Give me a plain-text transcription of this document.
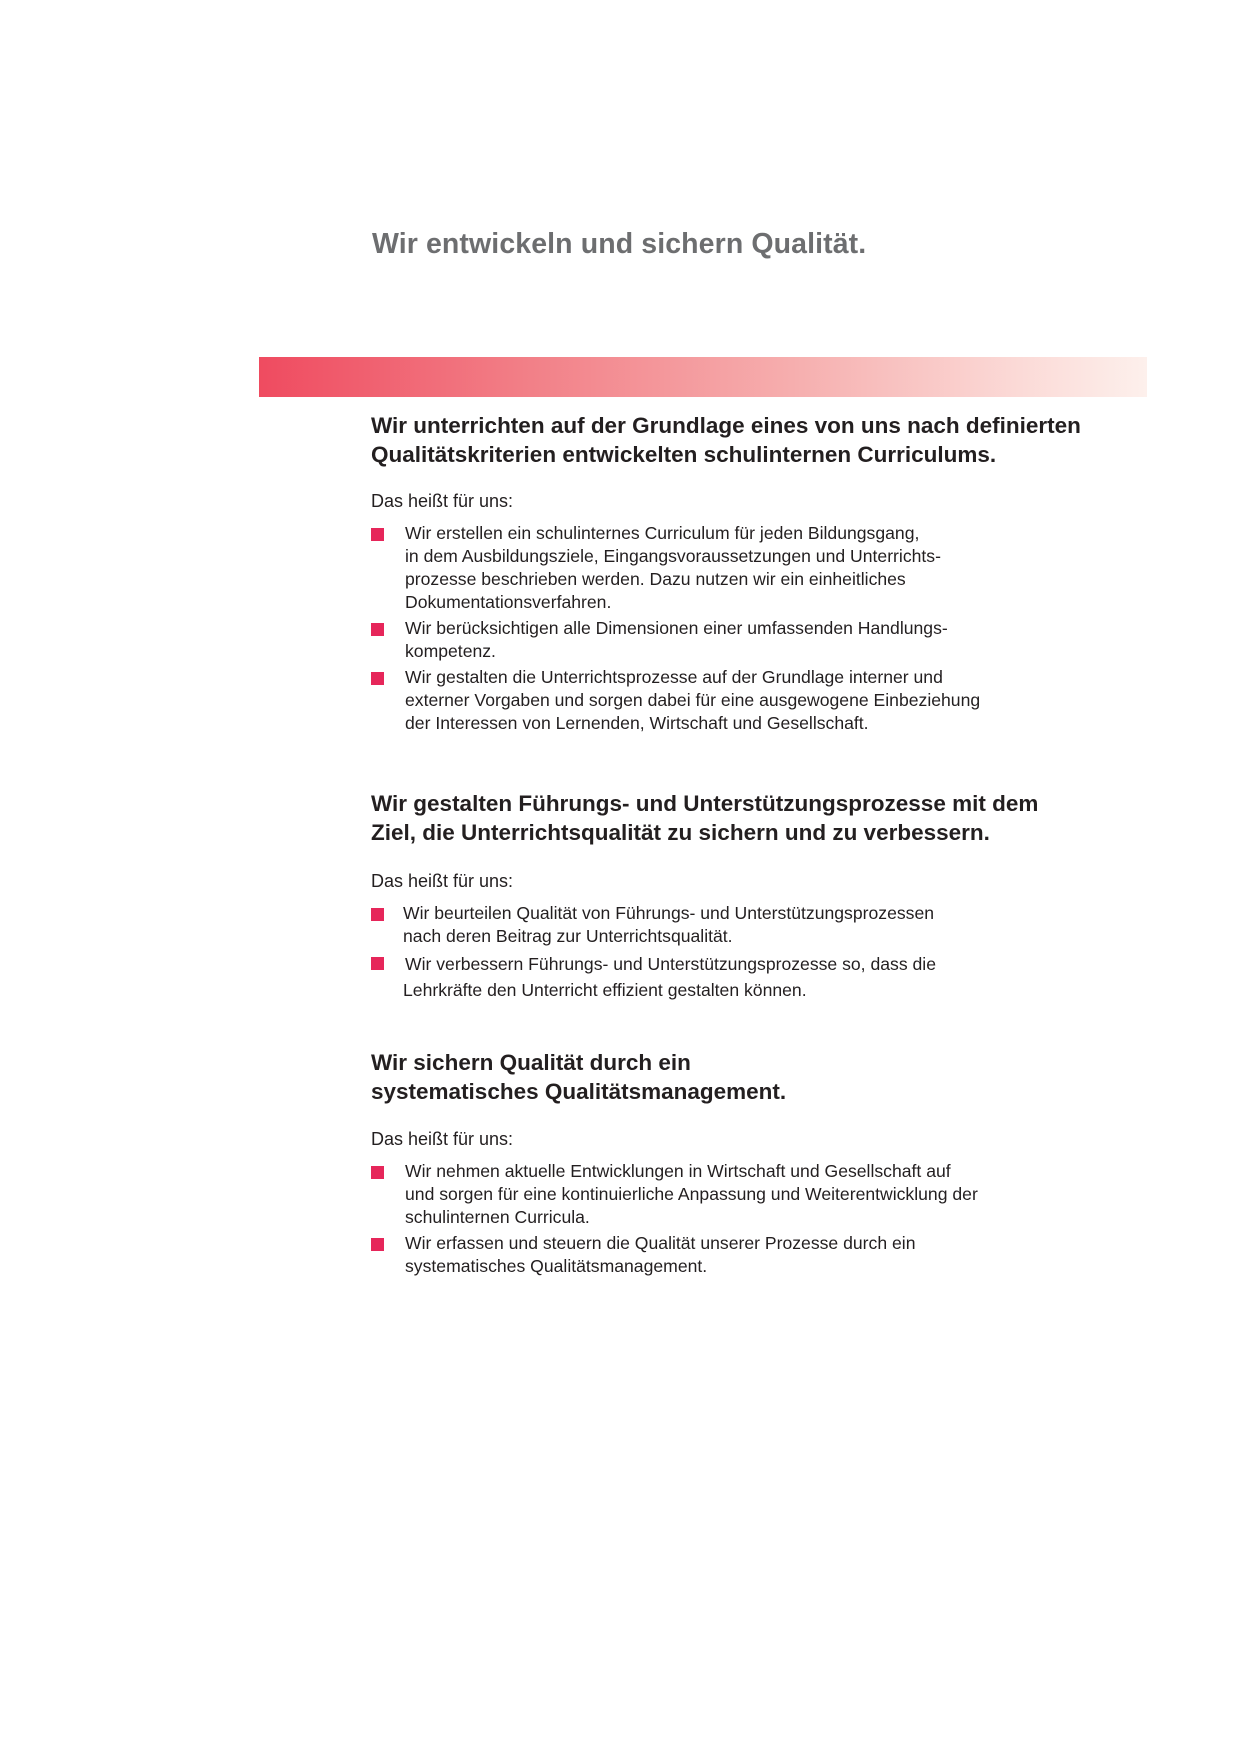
Wir entwickeln und sichern Qualität.
Wir unterrichten auf der Grundlage eines von uns nach definierten
Qualitätskriterien entwickelten schulinternen Curriculums.

Das heißt für uns:

Wir erstellen ein schulinternes Curriculum für jeden Bildungsgang,
in dem Ausbildungsziele, Eingangsvoraussetzungen und Unterrichts-
prozesse beschrieben werden. Dazu nutzen wir ein einheitliches
Dokumentationsverfahren.
Wir berücksichtigen alle Dimensionen einer umfassenden Handlungs-
kompetenz.
Wir gestalten die Unterrichtsprozesse auf der Grundlage interner und
externer Vorgaben und sorgen dabei für eine ausgewogene Einbeziehung
der Interessen von Lernenden, Wirtschaft und Gesellschaft.
Wir gestalten Führungs- und Unterstützungsprozesse mit dem
Ziel, die Unterrichtsqualität zu sichern und zu verbessern.

Das heißt für uns:

Wir beurteilen Qualität von Führungs- und Unterstützungsprozessen
nach deren Beitrag zur Unterrichtsqualität.
Wir verbessern Führungs- und Unterstützungsprozesse so, dass die
Lehrkräfte den Unterricht effizient gestalten können.
Wir sichern Qualität durch ein
systematisches Qualitätsmanagement.

Das heißt für uns:

Wir nehmen aktuelle Entwicklungen in Wirtschaft und Gesellschaft auf
und sorgen für eine kontinuierliche Anpassung und Weiterentwicklung der
schulinternen Curricula.
Wir erfassen und steuern die Qualität unserer Prozesse durch ein
systematisches Qualitätsmanagement.
